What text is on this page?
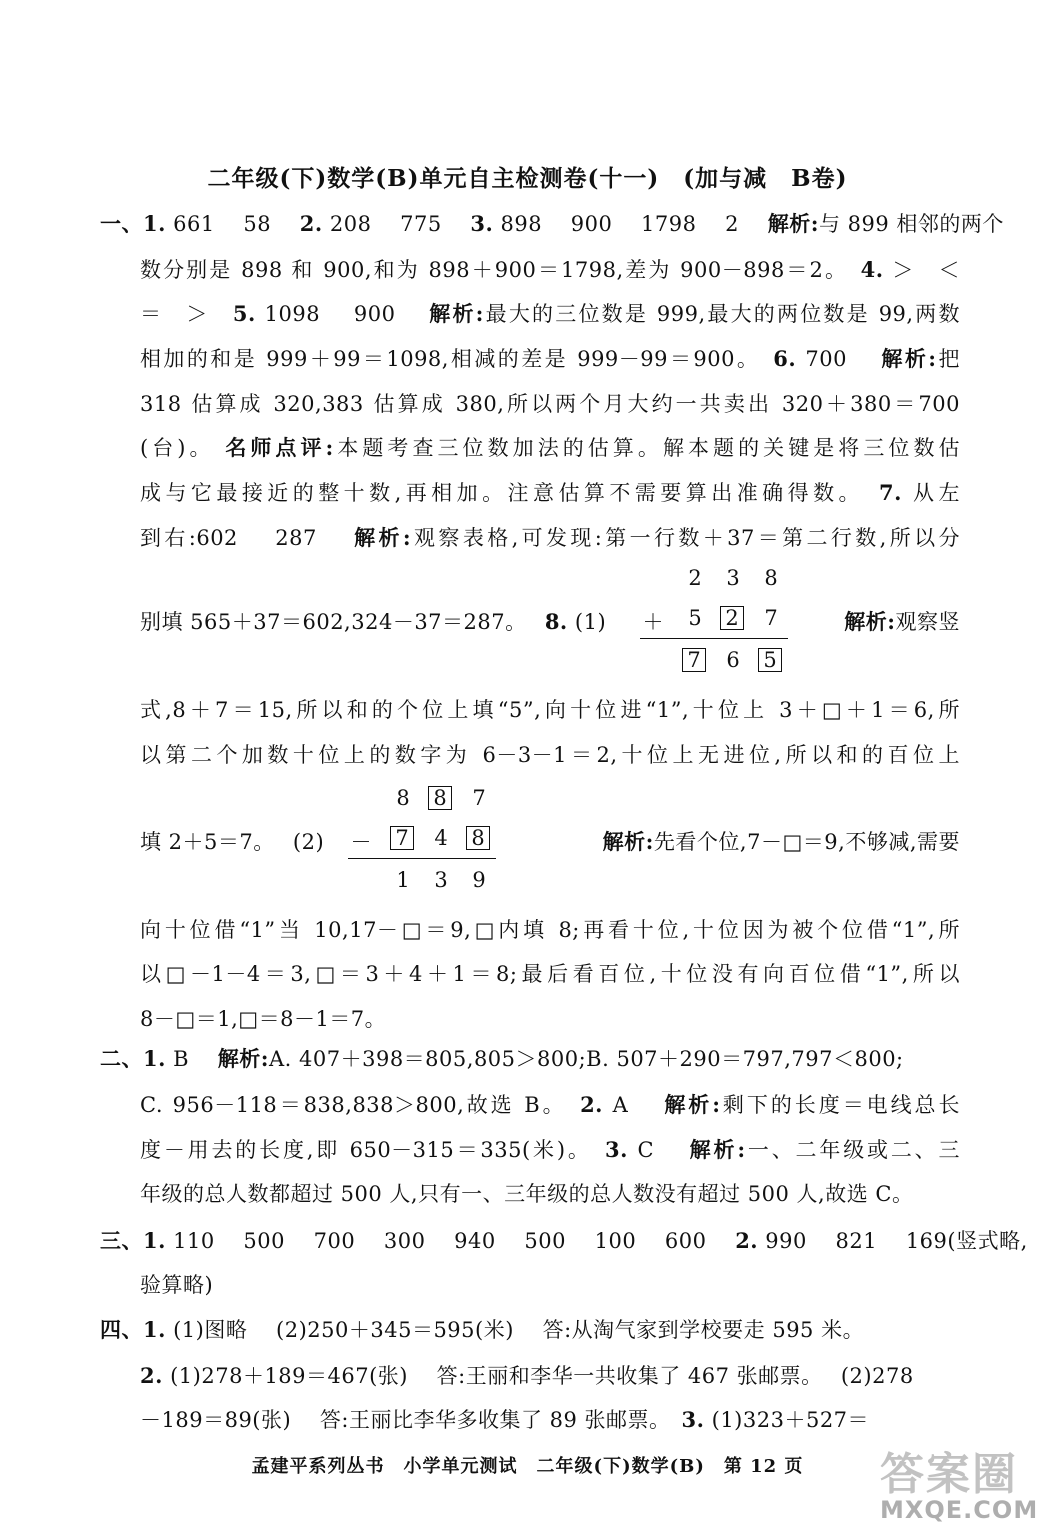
二年级(下)数学(B)单元自主检测卷(十一)　(加与减　B卷)
一、1. 661　 58　 2. 208　 775　 3. 898　 900　 1798　 2　 解析:与 899 相邻的两个
数分别是 898 和 900,和为 898＋900＝1798,差为 900－898＝2。　4. ＞　＜
＝　＞　5. 1098　 900　 解析:最大的三位数是 999,最大的两位数是 99,两数
相加的和是 999＋99＝1098,相减的差是 999－99＝900。　6. 700　 解析:把
318 估算成 320,383 估算成 380,所以两个月大约一共卖出 320＋380＝700
(台)。 名师点评:本题考查三位数加法的估算。解本题的关键是将三位数估
成与它最接近的整十数,再相加。注意估算不需要算出准确得数。　7. 从左
到右:602　 287　 解析:观察表格,可发现:第一行数＋37＝第二行数,所以分
别填 565＋37＝602,324－37＝287。　 8. (1)	解析:观察竖
式,8＋7＝15,所以和的个位上填“5”,向十位进“1”,十位上 3＋□＋1＝6,所
以第二个加数十位上的数字为 6－3－1＝2,十位上无进位,所以和的百位上
填 2＋5＝7。　 (2)	解析:先看个位,7－□＝9,不够减,需要
向十位借“1”当 10,17－□＝9,□内填 8;再看十位,十位因为被个位借“1”,所
以□－1－4＝3,□＝3＋4＋1＝8;最后看百位,十位没有向百位借“1”,所以
8－□＝1,□＝8－1＝7。
二、1. B　 解析:A. 407＋398＝805,805＞800;B. 507＋290＝797,797＜800;
C. 956－118＝838,838＞800,故选 B。　2. A　 解析:剩下的长度＝电线总长
度－用去的长度,即 650－315＝335(米)。　3. C　 解析:一、二年级或二、三
年级的总人数都超过 500 人,只有一、三年级的总人数没有超过 500 人,故选 C。
三、1. 110　 500　 700　 300　 940　 500　 100　 600　 2. 990　 821　 169(竖式略,
验算略)
四、1. (1)图略　 (2)250＋345＝595(米)　 答:从淘气家到学校要走 595 米。
2. (1)278＋189＝467(张)　 答:王丽和李华一共收集了 467 张邮票。　 (2)278
－189＝89(张)　 答:王丽比李华多收集了 89 张邮票。　3. (1)323＋527＝
2 3 8
＋ 5 2 7
7 6 5
8 8 7
－ 7 4 8
1 3 9
孟建平系列丛书　小学单元测试　二年级(下)数学(B)　第 12 页	答案圈
MXQE.COM
